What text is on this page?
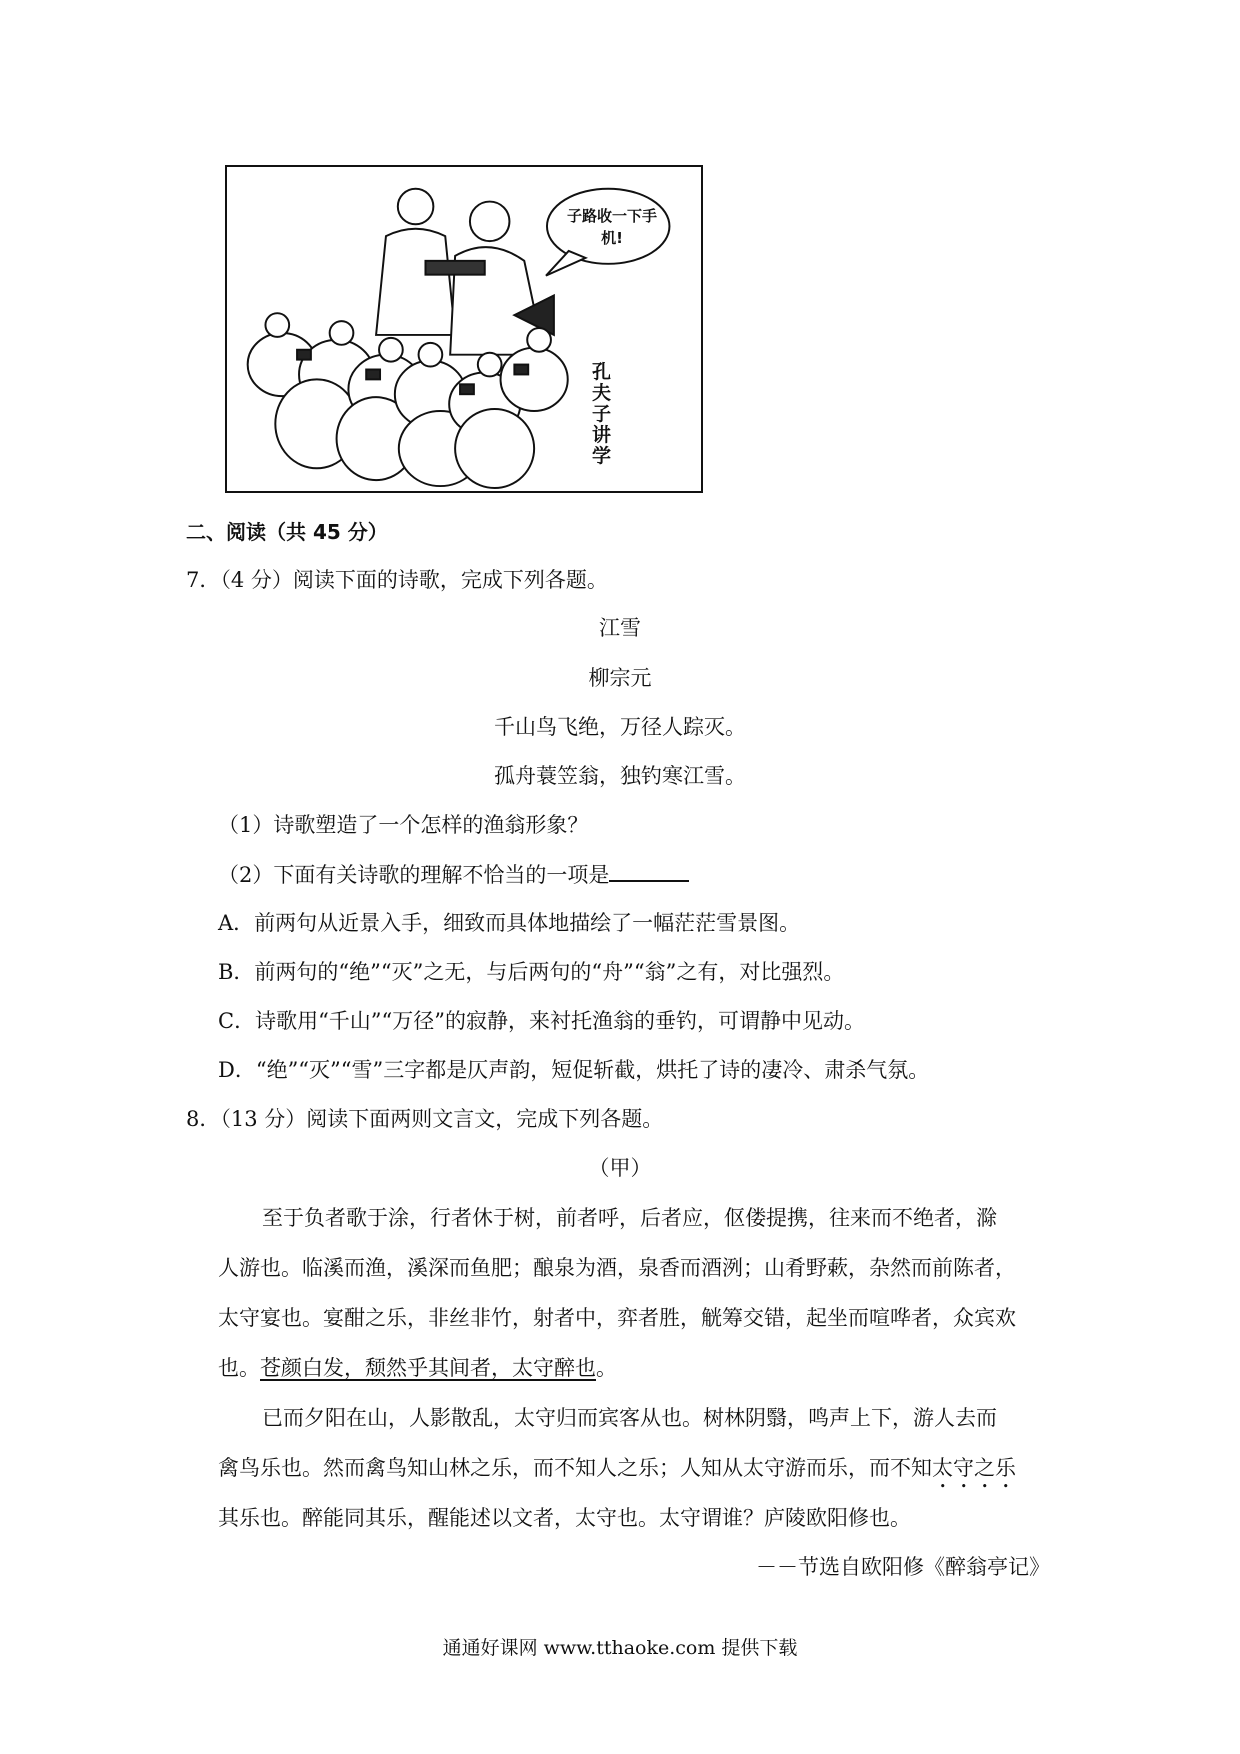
子路收一下手机!
孔夫子讲学
二、阅读（共 45 分）
7．（4 分）阅读下面的诗歌，完成下列各题。
江雪
柳宗元
千山鸟飞绝，万径人踪灭。
孤舟蓑笠翁，独钓寒江雪。
（1）诗歌塑造了一个怎样的渔翁形象？
（2）下面有关诗歌的理解不恰当的一项是
A．前两句从近景入手，细致而具体地描绘了一幅茫茫雪景图。
B．前两句的“绝”“灭”之无，与后两句的“舟”“翁”之有，对比强烈。
C．诗歌用“千山”“万径”的寂静，来衬托渔翁的垂钓，可谓静中见动。
D．“绝”“灭”“雪”三字都是仄声韵，短促斩截，烘托了诗的凄冷、肃杀气氛。
8．（13 分）阅读下面两则文言文，完成下列各题。
（甲）
至于负者歌于涂，行者休于树，前者呼，后者应，伛偻提携，往来而不绝者，滁
人游也。临溪而渔，溪深而鱼肥；酿泉为酒，泉香而酒洌；山肴野蔌，杂然而前陈者，
太守宴也。宴酣之乐，非丝非竹，射者中，弈者胜，觥筹交错，起坐而喧哗者，众宾欢
也。苍颜白发，颓然乎其间者，太守醉也。
已而夕阳在山，人影散乱，太守归而宾客从也。树林阴翳，鸣声上下，游人去而
禽鸟乐也。然而禽鸟知山林之乐，而不知人之乐；人知从太守游而乐，而不知太守之乐
其乐也。醉能同其乐，醒能述以文者，太守也。太守谓谁？庐陵欧阳修也。
－－节选自欧阳修《醉翁亭记》
通通好课网 www.tthaoke.com 提供下载
